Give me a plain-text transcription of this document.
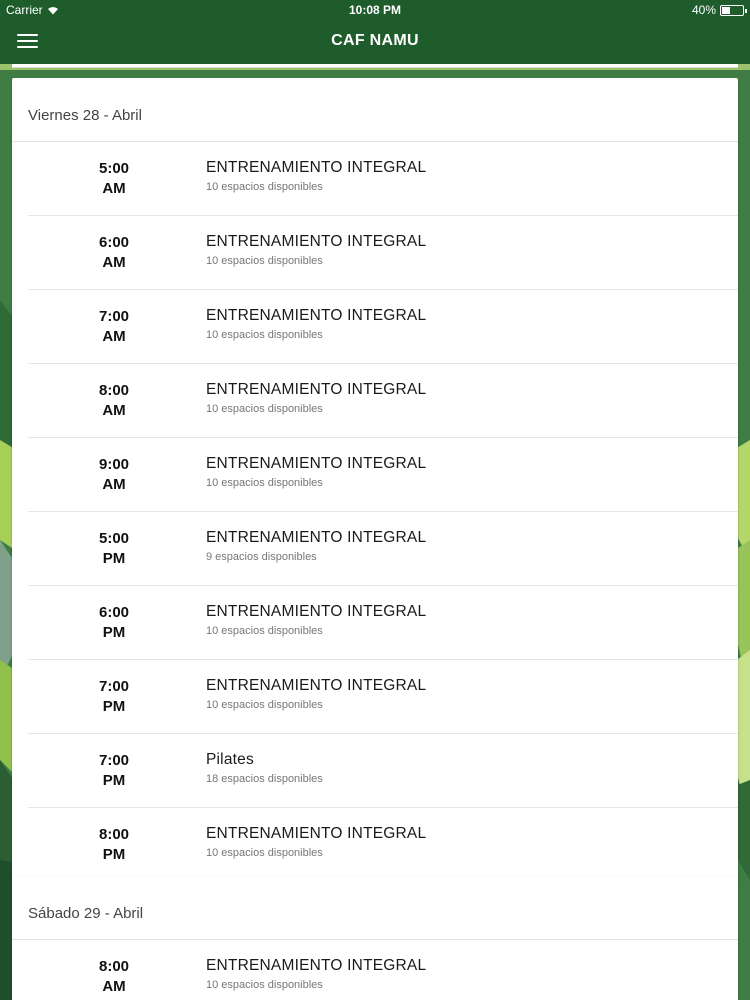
Carrier	10:08 PM	40%
CAF NAMU
Viernes 28 - Abril
5:00
AM
ENTRENAMIENTO INTEGRAL
10 espacios disponibles
6:00
AM
ENTRENAMIENTO INTEGRAL
10 espacios disponibles
7:00
AM
ENTRENAMIENTO INTEGRAL
10 espacios disponibles
8:00
AM
ENTRENAMIENTO INTEGRAL
10 espacios disponibles
9:00
AM
ENTRENAMIENTO INTEGRAL
10 espacios disponibles
5:00
PM
ENTRENAMIENTO INTEGRAL
9 espacios disponibles
6:00
PM
ENTRENAMIENTO INTEGRAL
10 espacios disponibles
7:00
PM
ENTRENAMIENTO INTEGRAL
10 espacios disponibles
7:00
PM
Pilates
18 espacios disponibles
8:00
PM
ENTRENAMIENTO INTEGRAL
10 espacios disponibles
Sábado 29 - Abril
8:00
AM
ENTRENAMIENTO INTEGRAL
10 espacios disponibles
